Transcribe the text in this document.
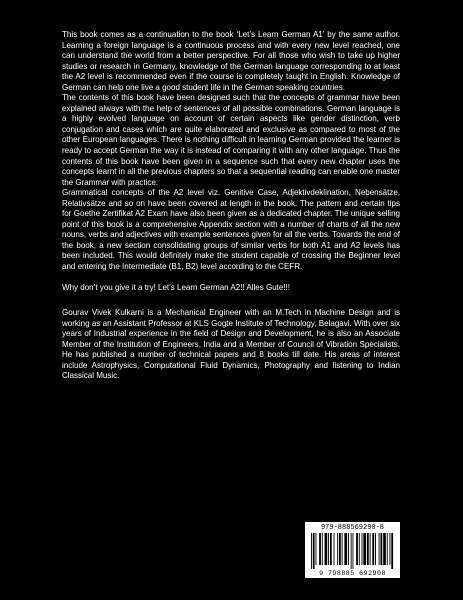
This book comes as a continuation to the book ‘Let’s Learn German A1’ by the same author. Learning a foreign language is a continuous process and with every new level reached, one can understand the world from a better perspective. For all those who wish to take up higher studies or research in Germany, knowledge of the German language corresponding to at least the A2 level is recommended even if the course is completely taught in English. Knowledge of German can help one live a good student life in the German speaking countries.

The contents of this book have been designed such that the concepts of grammar have been explained always with the help of sentences of all possible combinations. German language is a highly evolved language on account of certain aspects like gender distinction, verb conjugation and cases which are quite elaborated and exclusive as compared to most of the other European languages. There is nothing difficult in learning German provided the learner is ready to accept German the way it is instead of comparing it with any other language. Thus the contents of this book have been given in a sequence such that every new chapter uses the concepts learnt in all the previous chapters so that a sequential reading can enable one master the Grammar with practice.

Grammatical concepts of the A2 level viz. Genitive Case, Adjektivdeklination, Nebensätze, Relativsätze and so on have been covered at length in the book. The pattern and certain tips for Goethe Zertifikat A2 Exam have also been given as a dedicated chapter. The unique selling point of this book is a comprehensive Appendix section with a number of charts of all the new nouns, verbs and adjectives with example sentences given for all the verbs. Towards the end of the book, a new section consolidating groups of similar verbs for both A1 and A2 levels has been included. This would definitely make the student capable of crossing the Beginner level and entering the Intermediate (B1, B2) level according to the CEFR.

Why don’t you give it a try! Let’s Learn German A2!! Alles Gute!!!

Gourav Vivek Kulkarni is a Mechanical Engineer with an M.Tech in Machine Design and is working as an Assistant Professor at KLS Gogte Institute of Technology, Belagavi. With over six years of Industrial experience in the field of Design and Development, he is also an Associate Member of the Institution of Engineers, India and a Member of Council of Vibration Specialists. He has published a number of technical papers and 8 books till date. His areas of interest include Astrophysics, Computational Fluid Dynamics, Photography and listening to Indian Classical Music.

979-888569290-8
9 798885 692908
